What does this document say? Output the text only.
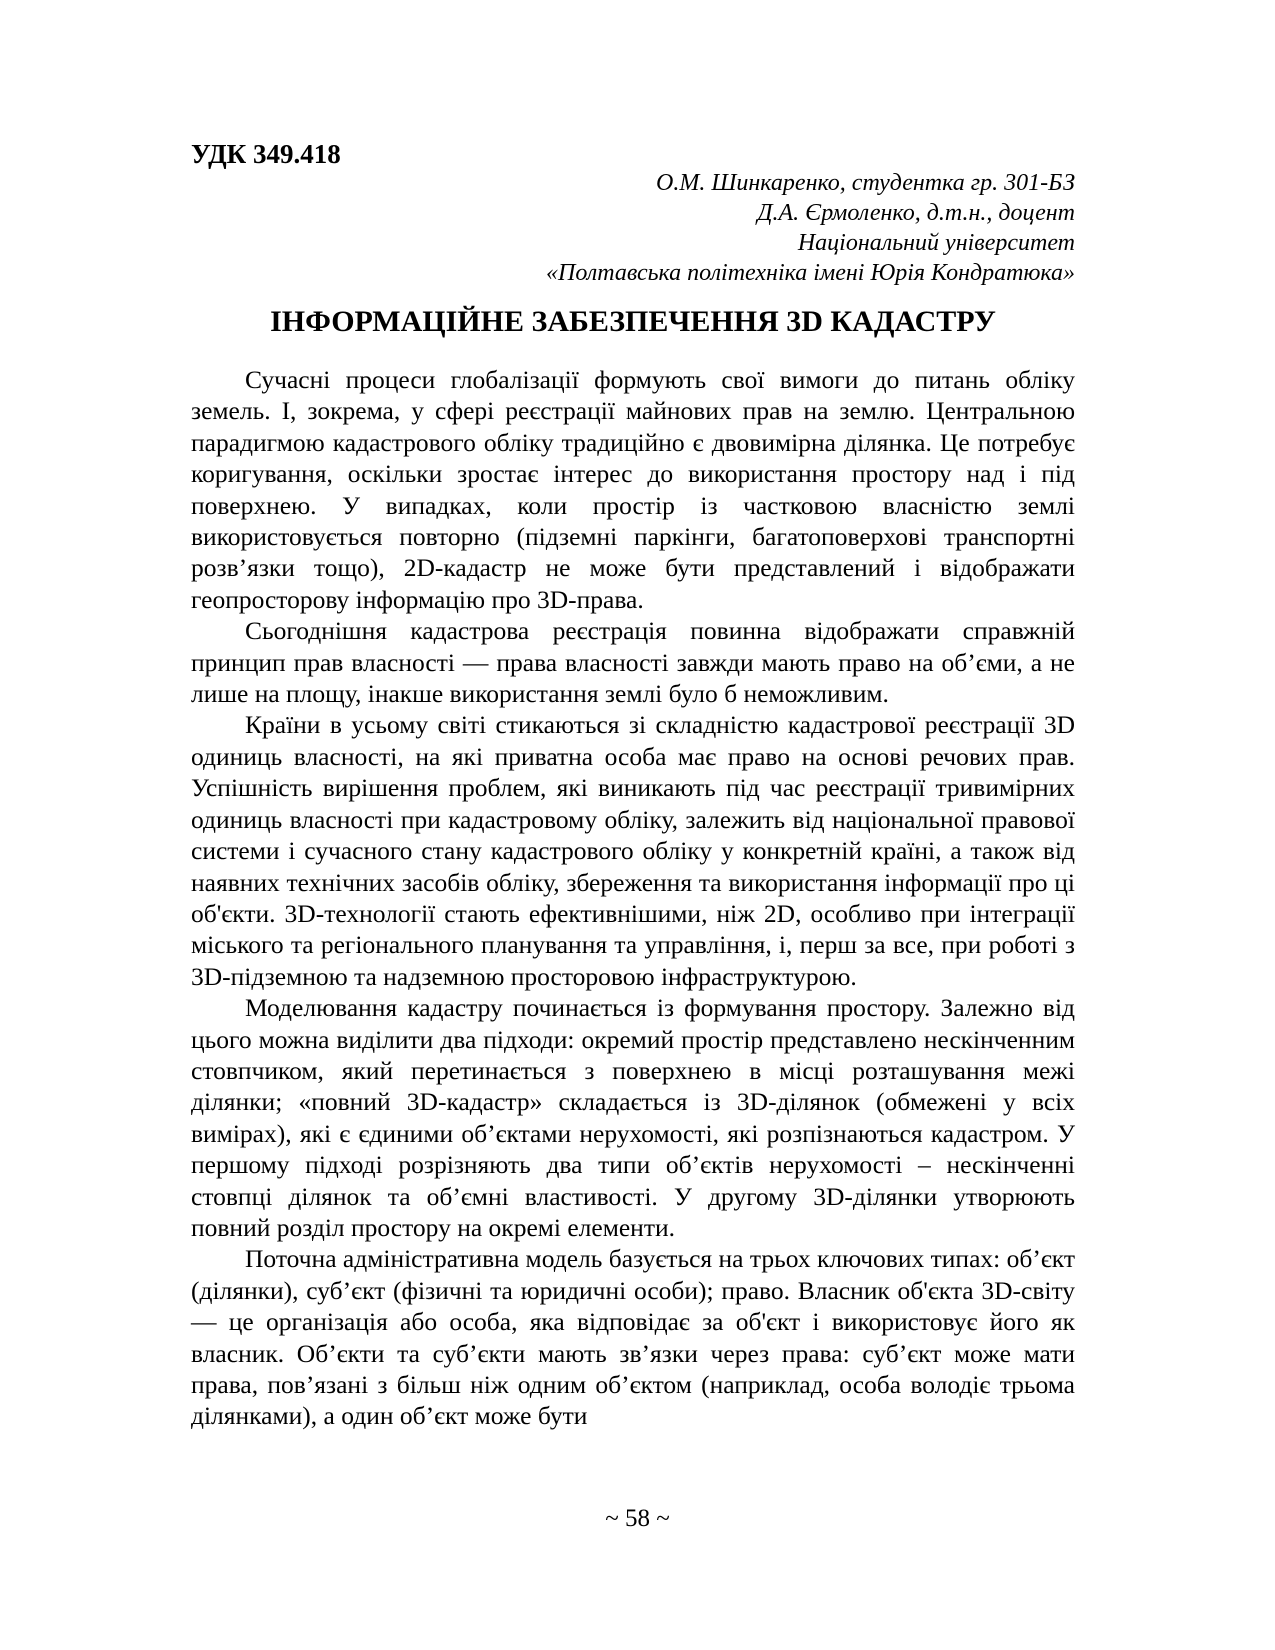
УДК 349.418
О.М. Шинкаренко, студентка гр. 301-БЗ
Д.А. Єрмоленко, д.т.н., доцент
Національний університет
«Полтавська політехніка імені Юрія Кондратюка»
ІНФОРМАЦІЙНЕ ЗАБЕЗПЕЧЕННЯ 3D КАДАСТРУ

Сучасні процеси глобалізації формують свої вимоги до питань обліку земель. І, зокрема, у сфері реєстрації майнових прав на землю. Центральною парадигмою кадастрового обліку традиційно є двовимірна ділянка. Це потребує коригування, оскільки зростає інтерес до використання простору над і під поверхнею. У випадках, коли простір із частковою власністю землі використовується повторно (підземні паркінги, багатоповерхові транспортні розв’язки тощо), 2D-кадастр не може бути представлений і відображати геопросторову інформацію про 3D-права.

Сьогоднішня кадастрова реєстрація повинна відображати справжній принцип прав власності — права власності завжди мають право на об’єми, а не лише на площу, інакше використання землі було б неможливим.

Країни в усьому світі стикаються зі складністю кадастрової реєстрації 3D одиниць власності, на які приватна особа має право на основі речових прав. Успішність вирішення проблем, які виникають під час реєстрації тривимірних одиниць власності при кадастровому обліку, залежить від національної правової системи і сучасного стану кадастрового обліку у конкретній країні, а також від наявних технічних засобів обліку, збереження та використання інформації про ці об'єкти. 3D-технології стають ефективнішими, ніж 2D, особливо при інтеграції міського та регіонального планування та управління, і, перш за все, при роботі з 3D-підземною та надземною просторовою інфраструктурою.

Моделювання кадастру починається із формування простору. Залежно від цього можна виділити два підходи: окремий простір представлено нескінченним стовпчиком, який перетинається з поверхнею в місці розташування межі ділянки; «повний 3D-кадастр» складається із 3D-ділянок (обмежені у всіх вимірах), які є єдиними об’єктами нерухомості, які розпізнаються кадастром. У першому підході розрізняють два типи об’єктів нерухомості – нескінченні стовпці ділянок та об’ємні властивості. У другому 3D-ділянки утворюють повний розділ простору на окремі елементи.

Поточна адміністративна модель базується на трьох ключових типах: об’єкт (ділянки), суб’єкт (фізичні та юридичні особи); право. Власник об'єкта 3D-світу — це організація або особа, яка відповідає за об'єкт і використовує його як власник. Об’єкти та суб’єкти мають зв’язки через права: суб’єкт може мати права, пов’язані з більш ніж одним об’єктом (наприклад, особа володіє трьома ділянками), а один об’єкт може бути

~ 58 ~
